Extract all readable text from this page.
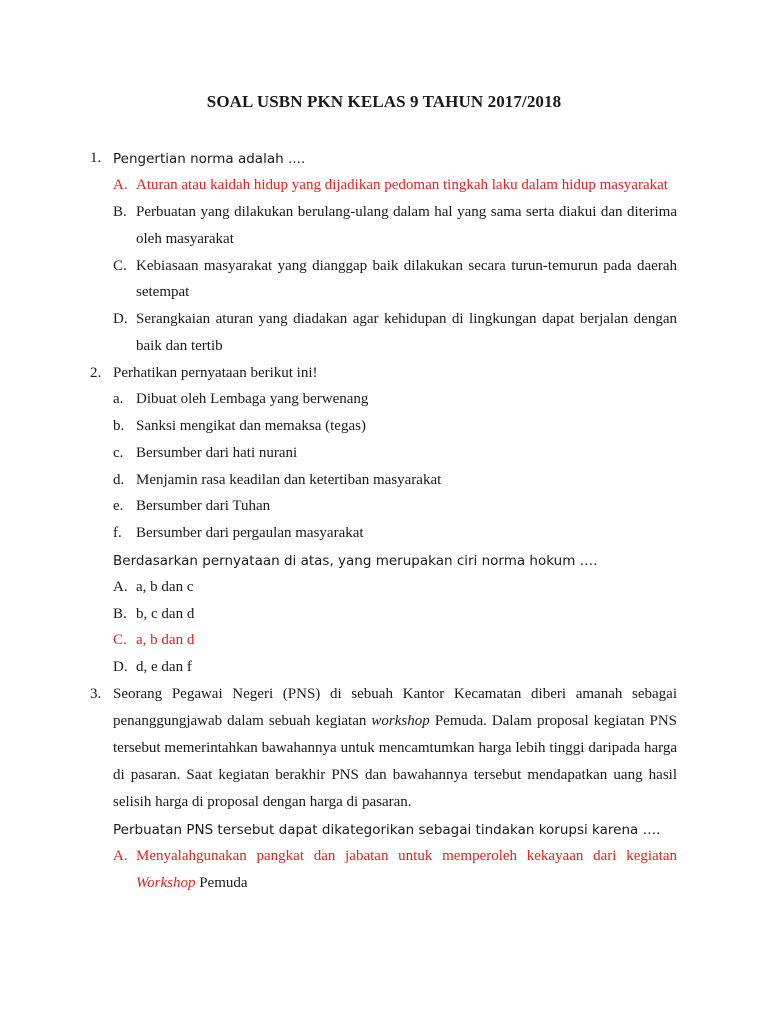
SOAL USBN PKN KELAS 9 TAHUN 2017/2018
1. Pengertian norma adalah ….
A. Aturan atau kaidah hidup yang dijadikan pedoman tingkah laku dalam hidup masyarakat
B. Perbuatan yang dilakukan berulang-ulang dalam hal yang sama serta diakui dan diterima
oleh masyarakat
C. Kebiasaan masyarakat yang dianggap baik dilakukan secara turun-temurun pada daerah
setempat
D. Serangkaian aturan yang diadakan agar kehidupan di lingkungan dapat berjalan dengan
baik dan tertib
2. Perhatikan pernyataan berikut ini!
a. Dibuat oleh Lembaga yang berwenang
b. Sanksi mengikat dan memaksa (tegas)
c. Bersumber dari hati nurani
d. Menjamin rasa keadilan dan ketertiban masyarakat
e. Bersumber dari Tuhan
f. Bersumber dari pergaulan masyarakat
Berdasarkan pernyataan di atas, yang merupakan ciri norma hokum ….
A. a, b dan c
B. b, c dan d
C. a, b dan d
D. d, e dan f
3. Seorang Pegawai Negeri (PNS) di sebuah Kantor Kecamatan diberi amanah sebagai
penanggungjawab dalam sebuah kegiatan workshop Pemuda. Dalam proposal kegiatan PNS
tersebut memerintahkan bawahannya untuk mencamtumkan harga lebih tinggi daripada harga
di pasaran. Saat kegiatan berakhir PNS dan bawahannya tersebut mendapatkan uang hasil
selisih harga di proposal dengan harga di pasaran.
Perbuatan PNS tersebut dapat dikategorikan sebagai tindakan korupsi karena ….
A. Menyalahgunakan pangkat dan jabatan untuk memperoleh kekayaan dari kegiatan
Workshop Pemuda
